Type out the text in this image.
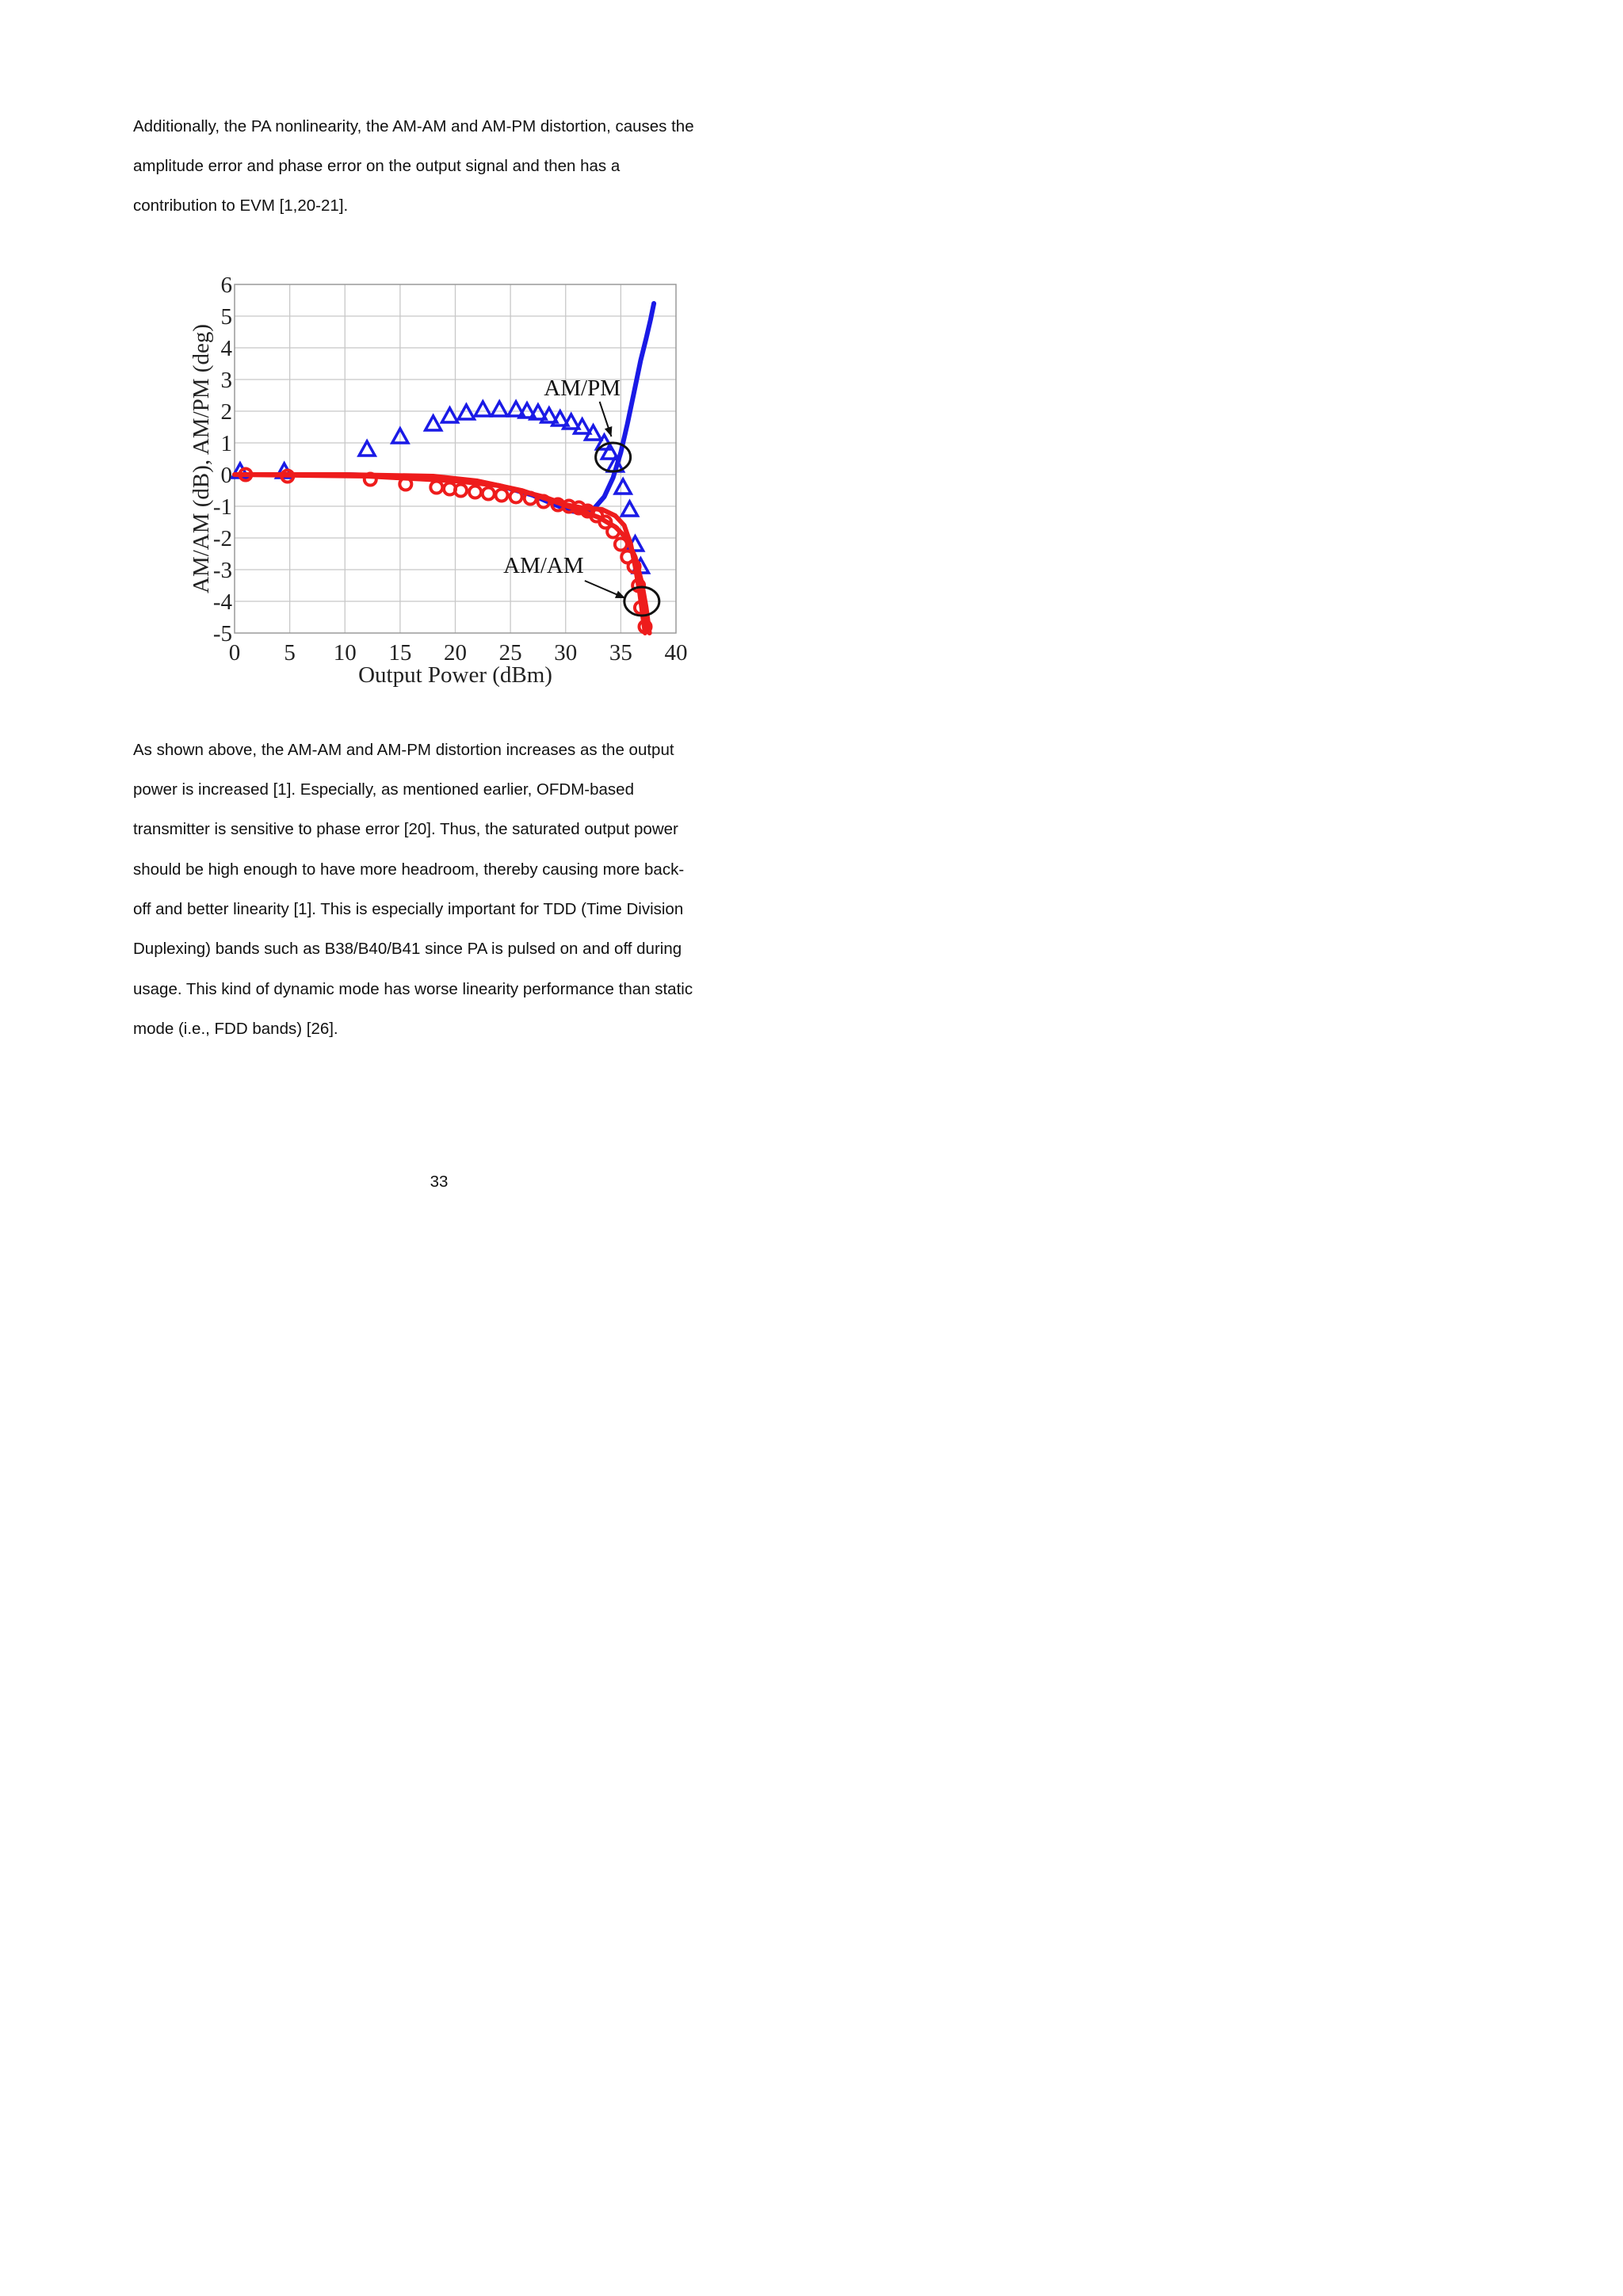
Additionally, the PA nonlinearity, the AM-AM and AM-PM distortion, causes the
amplitude error and phase error on the output signal and then has a
contribution to EVM [1,20-21].
0 5 10 15 20 25 30 35 40
6
5
4
3
2
1
0
-1
-2
-3
-4
-5
Output Power (dBm)
AM/AM (dB), AM/PM (deg)	AM/PM
AM/AM
As shown above, the AM-AM and AM-PM distortion increases as the output
power is increased [1]. Especially, as mentioned earlier, OFDM-based
transmitter is sensitive to phase error [20]. Thus, the saturated output power
should be high enough to have more headroom, thereby causing more back-
off and better linearity [1]. This is especially important for TDD (Time Division
Duplexing) bands such as B38/B40/B41 since PA is pulsed on and off during
usage. This kind of dynamic mode has worse linearity performance than static
mode (i.e., FDD bands) [26].
33
